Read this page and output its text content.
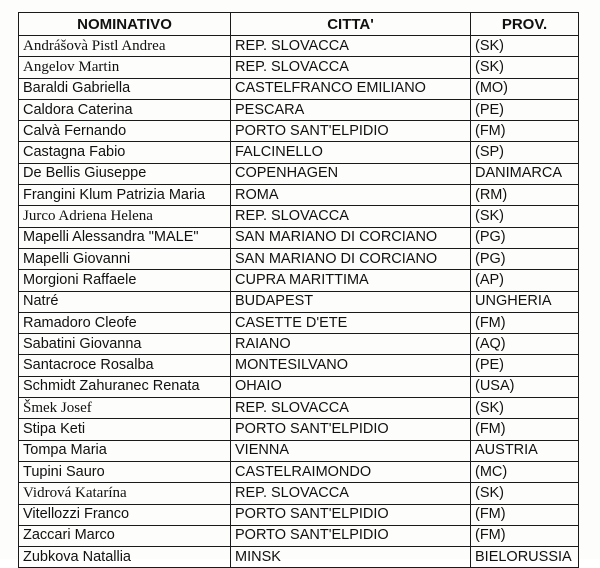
NOMINATIVO	CITTA'	PROV.
Andrášovà Pistl Andrea	REP. SLOVACCA	(SK)
Angelov Martin	REP. SLOVACCA	(SK)
Baraldi Gabriella	CASTELFRANCO EMILIANO	(MO)
Caldora Caterina	PESCARA	(PE)
Calvà Fernando	PORTO SANT'ELPIDIO	(FM)
Castagna Fabio	FALCINELLO	(SP)
De Bellis Giuseppe	COPENHAGEN	DANIMARCA
Frangini Klum Patrizia Maria	ROMA	(RM)
Jurco Adriena Helena	REP. SLOVACCA	(SK)
Mapelli Alessandra "MALE"	SAN MARIANO DI CORCIANO	(PG)
Mapelli Giovanni	SAN MARIANO DI CORCIANO	(PG)
Morgioni Raffaele	CUPRA MARITTIMA	(AP)
Natré	BUDAPEST	UNGHERIA
Ramadoro Cleofe	CASETTE D'ETE	(FM)
Sabatini Giovanna	RAIANO	(AQ)
Santacroce Rosalba	MONTESILVANO	(PE)
Schmidt Zahuranec Renata	OHAIO	(USA)
Šmek Josef	REP. SLOVACCA	(SK)
Stipa Keti	PORTO SANT'ELPIDIO	(FM)
Tompa Maria	VIENNA	AUSTRIA
Tupini Sauro	CASTELRAIMONDO	(MC)
Vidrová Katarína	REP. SLOVACCA	(SK)
Vitellozzi Franco	PORTO SANT'ELPIDIO	(FM)
Zaccari Marco	PORTO SANT'ELPIDIO	(FM)
Zubkova Natallia	MINSK	BIELORUSSIA
